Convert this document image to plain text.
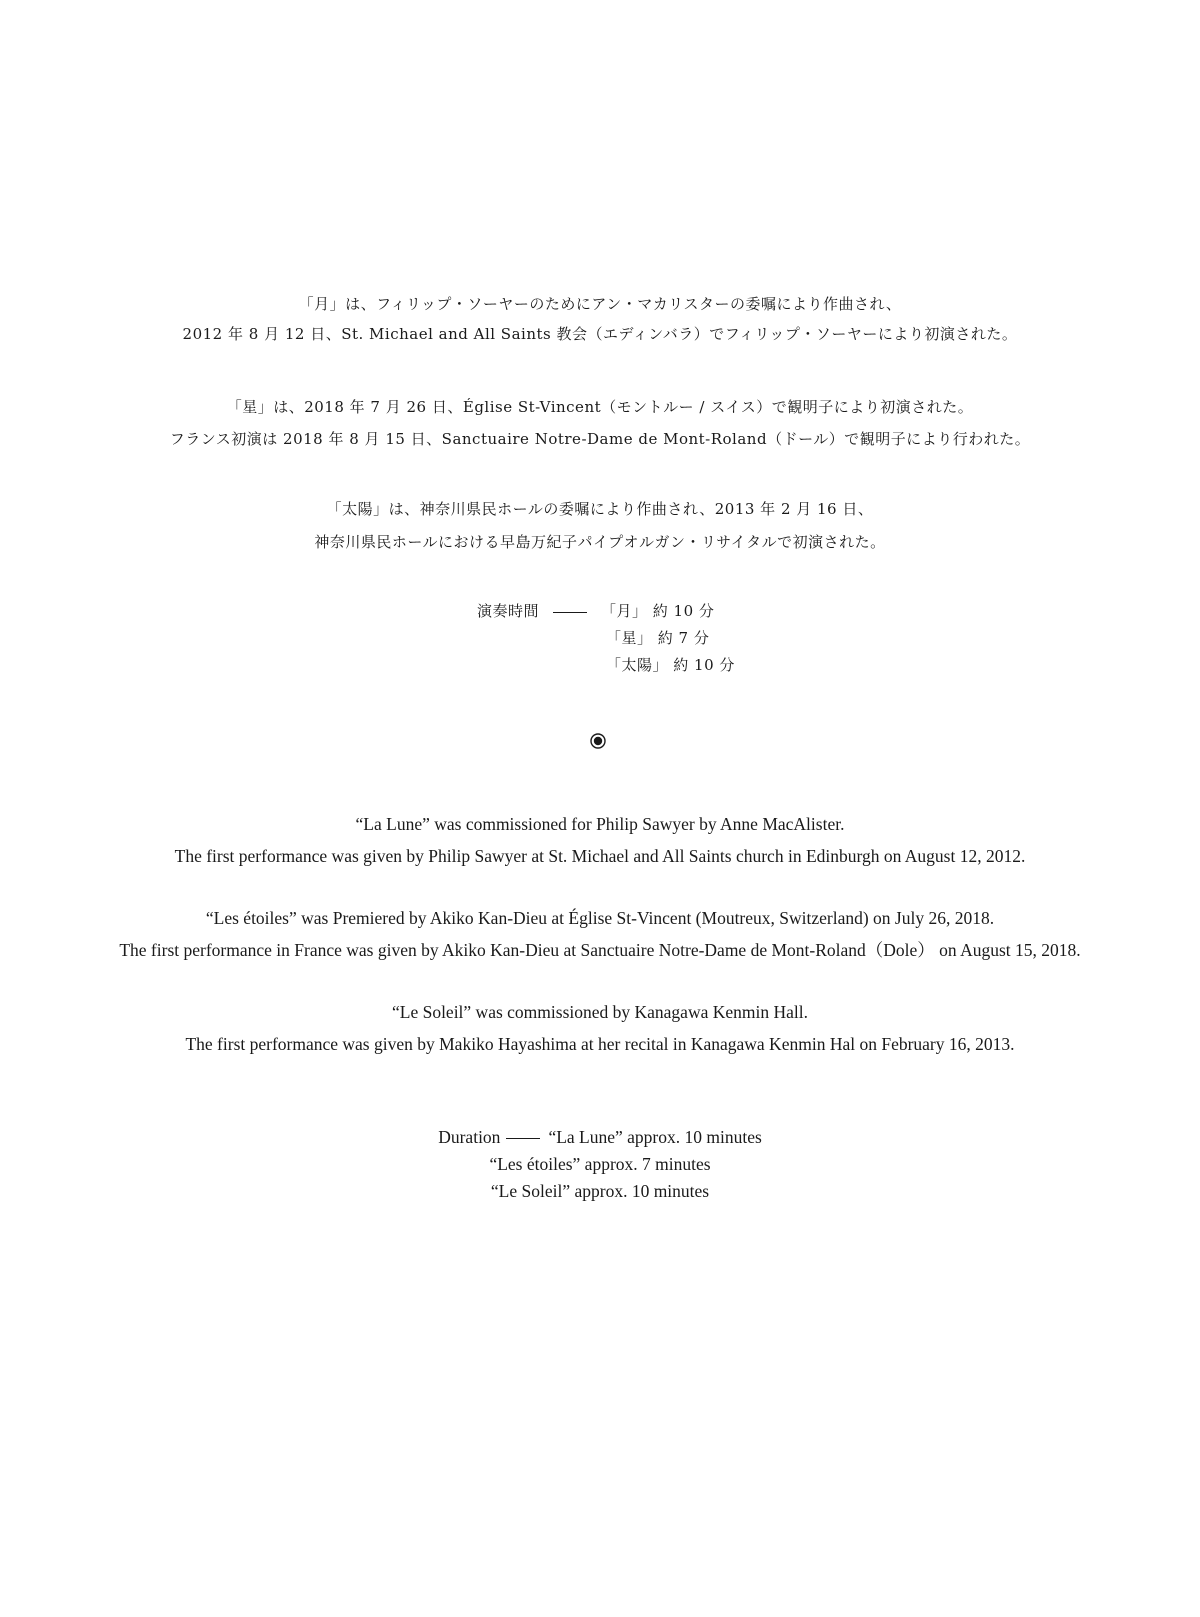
「月」は、フィリップ・ソーヤーのためにアン・マカリスターの委嘱により作曲され、
2012 年 8 月 12 日、St. Michael and All Saints 教会（エディンバラ）でフィリップ・ソーヤーにより初演された。
「星」は、2018 年 7 月 26 日、Église St-Vincent（モントルー / スイス）で観明子により初演された。
フランス初演は 2018 年 8 月 15 日、Sanctuaire Notre-Dame de Mont-Roland（ドール）で観明子により行われた。
「太陽」は、神奈川県民ホールの委嘱により作曲され、2013 年 2 月 16 日、
神奈川県民ホールにおける早島万紀子パイプオルガン・リサイタルで初演された。
演奏時間	「月」 約 10 分
「星」 約 7 分
「太陽」 約 10 分
“La Lune” was commissioned for Philip Sawyer by Anne MacAlister.
The first performance was given by Philip Sawyer at St. Michael and All Saints church in Edinburgh on August 12, 2012.
“Les étoiles” was Premiered by Akiko Kan-Dieu at Église St-Vincent (Moutreux, Switzerland) on July 26, 2018.
The first performance in France was given by Akiko Kan-Dieu at Sanctuaire Notre-Dame de Mont-Roland（Dole） on August 15, 2018.
“Le Soleil” was commissioned by Kanagawa Kenmin Hall.
The first performance was given by Makiko Hayashima at her recital in Kanagawa Kenmin Hal on February 16, 2013.
Duration	“La Lune” approx. 10 minutes
“Les étoiles” approx. 7 minutes
“Le Soleil” approx. 10 minutes
